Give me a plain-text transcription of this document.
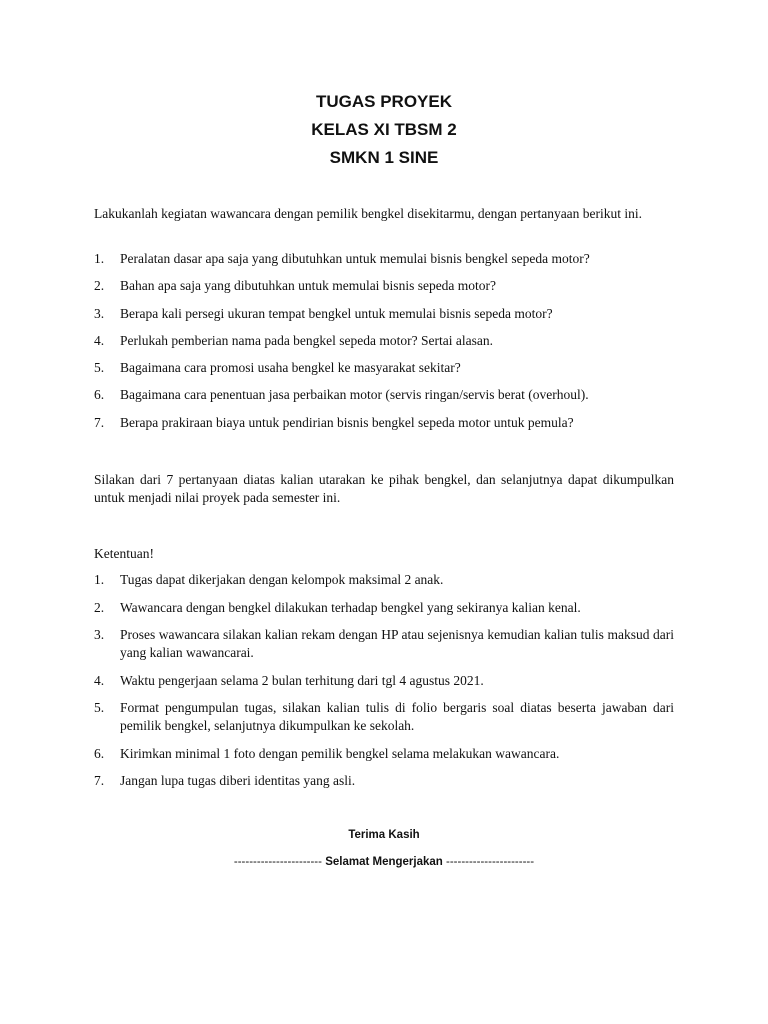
TUGAS PROYEK
KELAS XI TBSM 2
SMKN 1 SINE

Lakukanlah kegiatan wawancara dengan pemilik bengkel disekitarmu, dengan pertanyaan berikut ini.

1. Peralatan dasar apa saja yang dibutuhkan untuk memulai bisnis bengkel sepeda motor?
2. Bahan apa saja yang dibutuhkan untuk memulai bisnis sepeda motor?
3. Berapa kali persegi ukuran tempat bengkel untuk memulai bisnis sepeda motor?
4. Perlukah pemberian nama pada bengkel sepeda motor? Sertai alasan.
5. Bagaimana cara promosi usaha bengkel ke masyarakat sekitar?
6. Bagaimana cara penentuan jasa perbaikan motor (servis ringan/servis berat (overhoul).
7. Berapa prakiraan biaya untuk pendirian bisnis bengkel sepeda motor untuk pemula?

Silakan dari 7 pertanyaan diatas kalian utarakan ke pihak bengkel, dan selanjutnya dapat dikumpulkan untuk menjadi nilai proyek pada semester ini.

Ketentuan!

1. Tugas dapat dikerjakan dengan kelompok maksimal 2 anak.
2. Wawancara dengan bengkel dilakukan terhadap bengkel yang sekiranya kalian kenal.
3. Proses wawancara silakan kalian rekam dengan HP atau sejenisnya kemudian kalian tulis maksud dari yang kalian wawancarai.
4. Waktu pengerjaan selama 2 bulan terhitung dari tgl 4 agustus 2021.
5. Format pengumpulan tugas, silakan kalian tulis di folio bergaris soal diatas beserta jawaban dari pemilik bengkel, selanjutnya dikumpulkan ke sekolah.
6. Kirimkan minimal 1 foto dengan pemilik bengkel selama melakukan wawancara.
7. Jangan lupa tugas diberi identitas yang asli.
Terima Kasih
----------------------- Selamat Mengerjakan -----------------------
